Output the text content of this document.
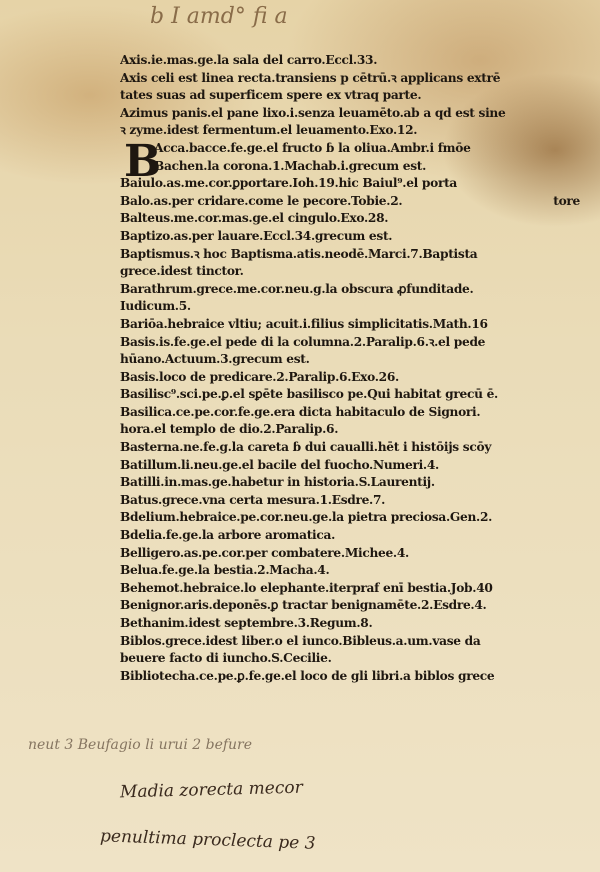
b I amd° fi a
B
Axis.ie.mas.ge.la sala del carro.Eccl.33.
Axis celi est linea recta.transiens p cētrū.ꝛ applicans extrē
tates suas ad superficem spere ex vtraq parte.
Azimus panis.el pane lixo.i.senza leuamēto.ab a qd est sine
ꝛ zyme.idest fermentum.el leuamento.Exo.12.
Acca.bacce.fe.ge.el fructo ɓ la oliua.Ambr.i fmōe
Bachen.la corona.1.Machab.i.grecum est.
Baiulo.as.me.cor.ꝑportare.Ioh.19.hic Baiul⁹.el porta
Balo.as.per cridare.come le pecore.Tobie.2.	tore
Balteus.me.cor.mas.ge.el cingulo.Exo.28.
Baptizo.as.per lauare.Eccl.34.grecum est.
Baptismus.ꝛ hoc Baptisma.atis.neodē.Marci.7.Baptista
grece.idest tinctor.
Barathrum.grece.me.cor.neu.g.la obscura ꝓfunditade.
Iudicum.5.
Bariōa.hebraice vltiu; acuit.i.filius simplicitatis.Math.16
Basis.is.fe.ge.el pede di la columna.2.Paralip.6.ꝛ.el pede
hūano.Actuum.3.grecum est.
Basis.loco de predicare.2.Paralip.6.Exo.26.
Basilisc⁹.sci.pe.ꝑ.el sꝑēte basilisco pe.Qui habitat grecū ē.
Basilica.ce.pe.cor.fe.ge.era dicta habitaculo de Signori.
hora.el templo de dio.2.Paralip.6.
Basterna.ne.fe.g.la careta ɓ dui caualli.hēt i histōijs scōy
Batillum.li.neu.ge.el bacile del fuocho.Numeri.4.
Batilli.in.mas.ge.habetur in historia.S.Laurentij.
Batus.grece.vna certa mesura.1.Esdre.7.
Bdelium.hebraice.pe.cor.neu.ge.la pietra preciosa.Gen.2.
Bdelia.fe.ge.la arbore aromatica.
Belligero.as.pe.cor.per combatere.Michee.4.
Belua.fe.ge.la bestia.2.Macha.4.
Behemot.hebraice.lo elephante.iterpraf enī bestia.Job.40
Benignor.aris.deponēs.ꝑ tractar benignamēte.2.Esdre.4.
Bethanim.idest septembre.3.Regum.8.
Biblos.grece.idest liber.o el iunco.Bibleus.a.um.vase da
beuere facto di iuncho.S.Cecilie.
Bibliotecha.ce.pe.ꝑ.fe.ge.el loco de gli libri.a biblos grece
neut 3 Beufagio li urui 2 befure
Madia zorecta mecor
penultima proclecta pe 3
